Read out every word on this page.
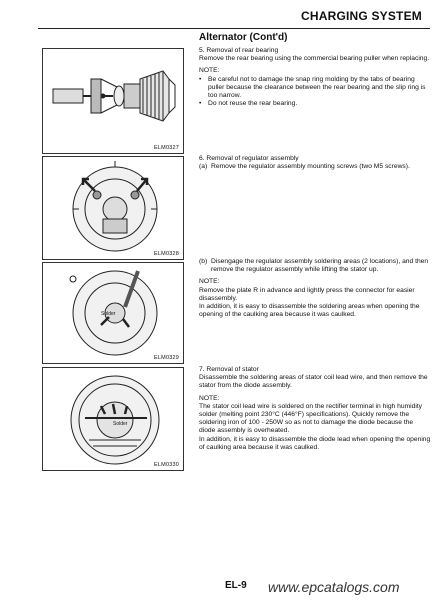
CHARGING SYSTEM
Alternator (Cont'd)
ELM0327
ELM0328
Solder
ELM0329
Solder
ELM0330

5. Removal of rear bearing

Remove the rear bearing using the commercial bearing puller when replacing.

NOTE:

• Be careful not to damage the snap ring molding by the tabs of bearing puller because the clearance between the rear bearing and the slip ring is too narrow.
• Do not reuse the rear bearing.

6. Removal of regulator assembly

(a) Remove the regulator assembly mounting screws (two M5 screws).
(b) Disengage the regulator assembly soldering areas (2 locations), and then remove the regulator assembly while lifting the stator up.

NOTE:

Remove the plate R in advance and lightly press the connector for easier disassembly.

In addition, it is easy to disassemble the soldering areas when opening the opening of the caulking area because it was caulked.

7. Removal of stator

Disassemble the soldering areas of stator coil lead wire, and then remove the stator from the diode assembly.

NOTE:

The stator coil lead wire is soldered on the rectifier terminal in high humidity solder (melting point 230°C (446°F) specifications). Quickly remove the soldering iron of 100 - 250W so as not to damage the diode because the diode assembly is overheated.

In addition, it is easy to disassemble the diode lead when opening the opening of caulking area because it was caulked.

EL-9 www.epcatalogs.com
